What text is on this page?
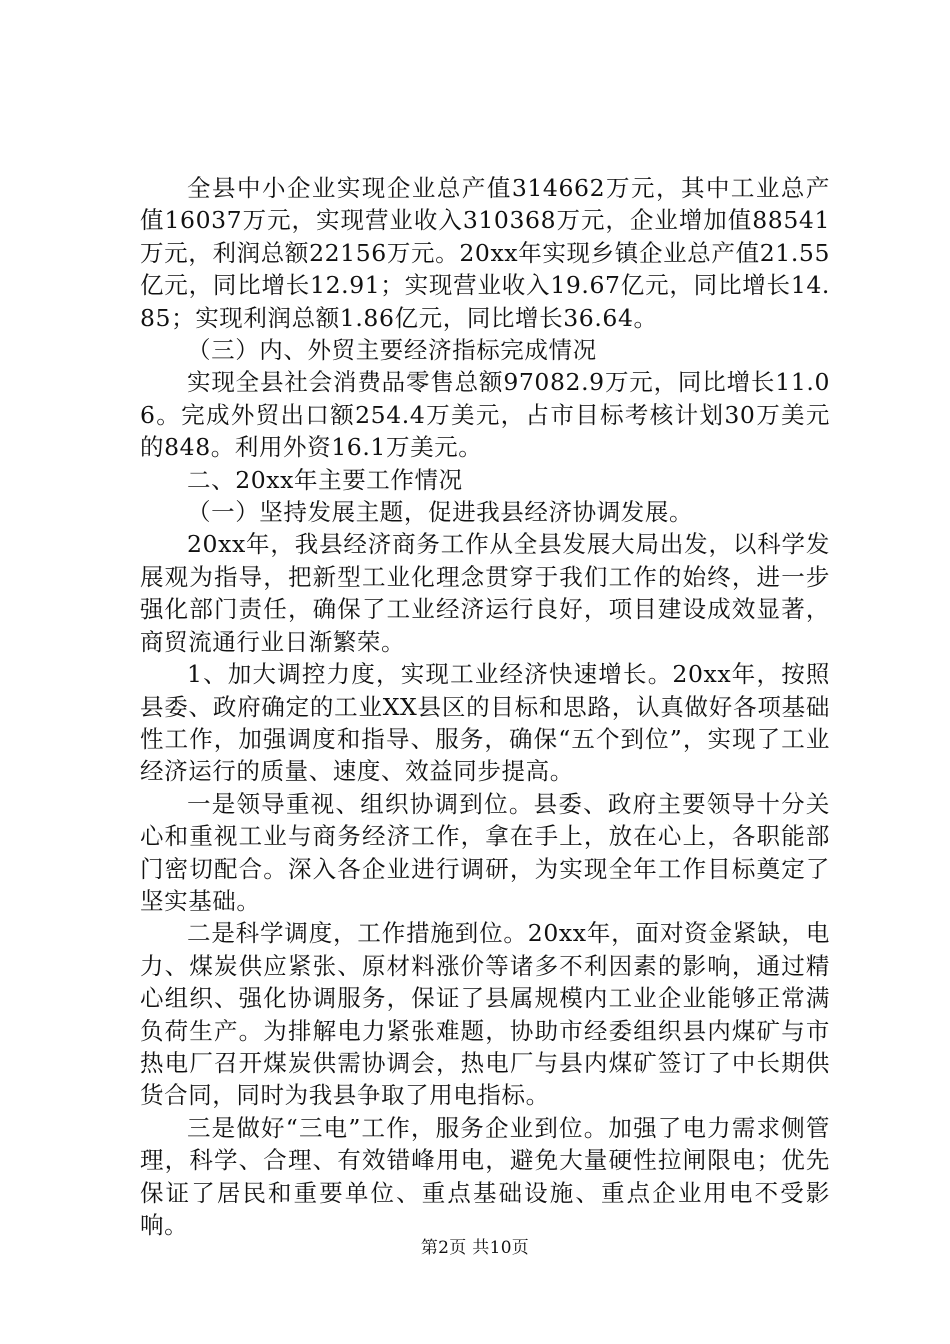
全县中小企业实现企业总产值314662万元，其中工业总产值16037万元，实现营业收入310368万元，企业增加值88541万元，利润总额22156万元。20xx年实现乡镇企业总产值21.55亿元，同比增长12.91；实现营业收入19.67亿元，同比增长14.85；实现利润总额1.86亿元，同比增长36.64。

（三）内、外贸主要经济指标完成情况

实现全县社会消费品零售总额97082.9万元，同比增长11.06。完成外贸出口额254.4万美元，占市目标考核计划30万美元的848。利用外资16.1万美元。

二、20xx年主要工作情况

（一）坚持发展主题，促进我县经济协调发展。

20xx年，我县经济商务工作从全县发展大局出发，以科学发展观为指导，把新型工业化理念贯穿于我们工作的始终，进一步强化部门责任，确保了工业经济运行良好，项目建设成效显著，商贸流通行业日渐繁荣。

1、加大调控力度，实现工业经济快速增长。20xx年，按照县委、政府确定的工业XX县区的目标和思路，认真做好各项基础性工作，加强调度和指导、服务，确保“五个到位”，实现了工业经济运行的质量、速度、效益同步提高。

一是领导重视、组织协调到位。县委、政府主要领导十分关心和重视工业与商务经济工作，拿在手上，放在心上，各职能部门密切配合。深入各企业进行调研，为实现全年工作目标奠定了坚实基础。

二是科学调度，工作措施到位。20xx年，面对资金紧缺，电力、煤炭供应紧张、原材料涨价等诸多不利因素的影响，通过精心组织、强化协调服务，保证了县属规模内工业企业能够正常满负荷生产。为排解电力紧张难题，协助市经委组织县内煤矿与市热电厂召开煤炭供需协调会，热电厂与县内煤矿签订了中长期供货合同，同时为我县争取了用电指标。

三是做好“三电”工作，服务企业到位。加强了电力需求侧管理，科学、合理、有效错峰用电，避免大量硬性拉闸限电；优先保证了居民和重要单位、重点基础设施、重点企业用电不受影响。

第2页 共10页
